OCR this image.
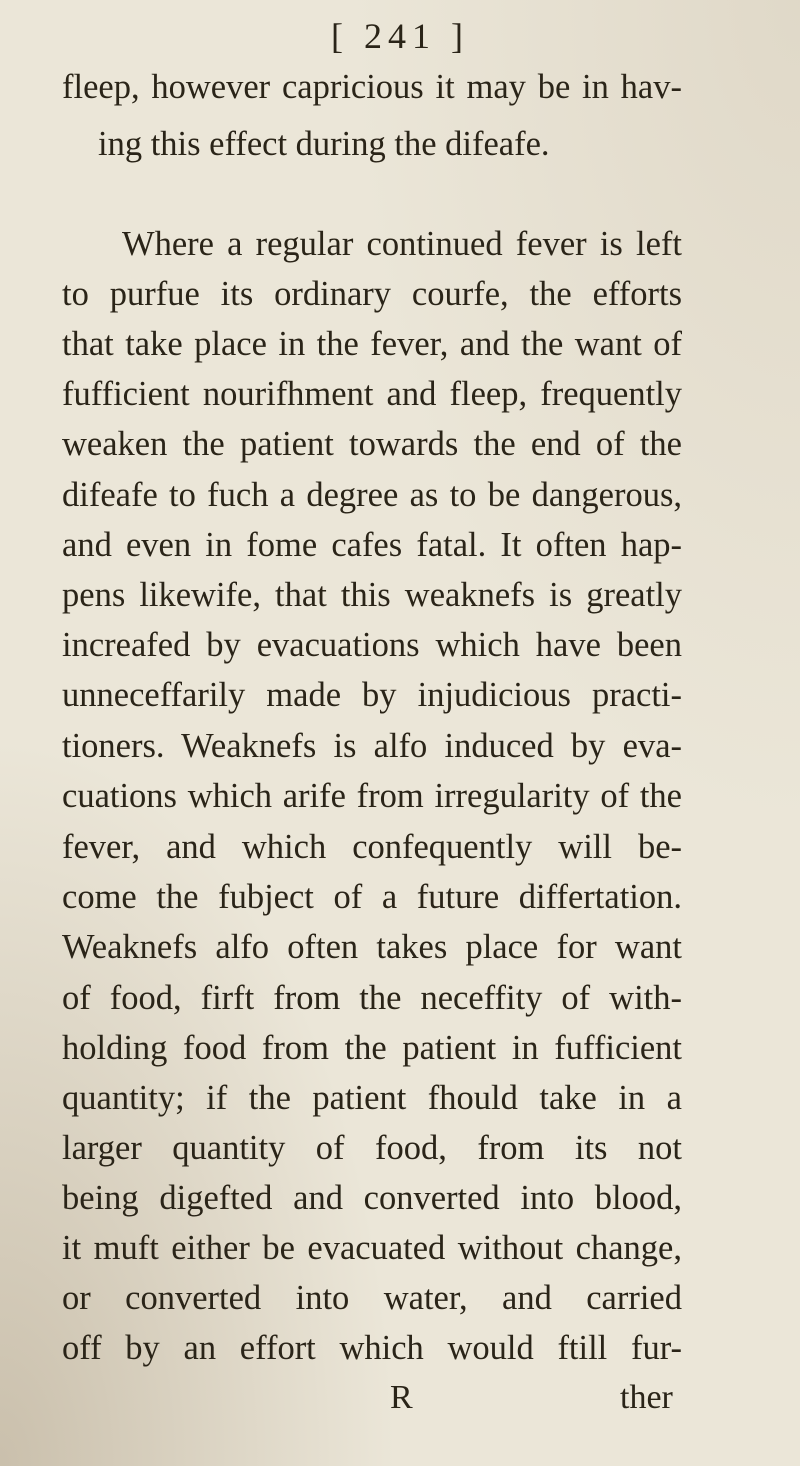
[ 241 ]
fleep, however capricious it may be in hav-
ing this effect during the difeafe.
Where a regular continued fever is left
to purfue its ordinary courfe, the efforts
that take place in the fever, and the want of
fufficient nourifhment and fleep, frequently
weaken the patient towards the end of the
difeafe to fuch a degree as to be dangerous,
and even in fome cafes fatal. It often hap-
pens likewife, that this weaknefs is greatly
increafed by evacuations which have been
unneceffarily made by injudicious practi-
tioners. Weaknefs is alfo induced by eva-
cuations which arife from irregularity of the
fever, and which confequently will be-
come the fubject of a future differtation.
Weaknefs alfo often takes place for want
of food, firft from the neceffity of with-
holding food from the patient in fufficient
quantity; if the patient fhould take in a
larger quantity of food, from its not
being digefted and converted into blood,
it muft either be evacuated without change,
or converted into water, and carried
off by an effort which would ftill fur-
R	ther
